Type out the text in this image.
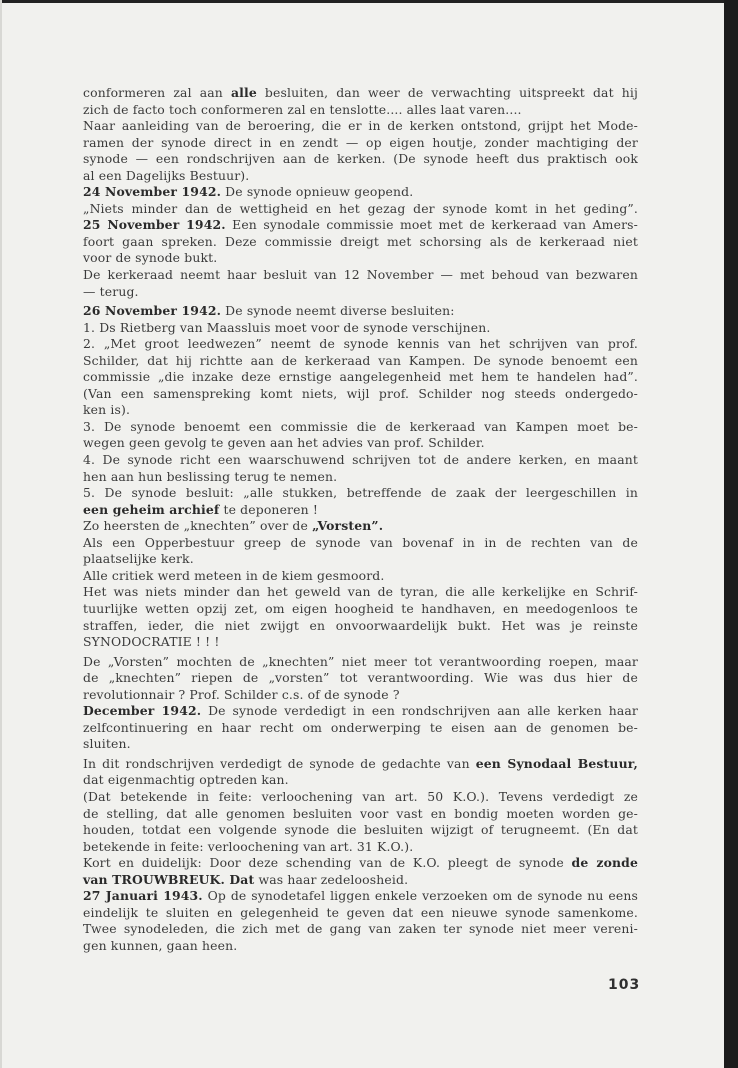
conformeren zal aan alle besluiten, dan weer de verwachting uitspreekt dat hij
zich de facto toch conformeren zal en tenslotte.... alles laat varen....
Naar aanleiding van de beroering, die er in de kerken ontstond, grijpt het Mode-
ramen der synode direct in en zendt — op eigen houtje, zonder machtiging der
synode — een rondschrijven aan de kerken. (De synode heeft dus praktisch ook
al een Dagelijks Bestuur).
24 November 1942. De synode opnieuw geopend.
„Niets minder dan de wettigheid en het gezag der synode komt in het geding”.
25 November 1942. Een synodale commissie moet met de kerkeraad van Amers-
foort gaan spreken. Deze commissie dreigt met schorsing als de kerkeraad niet
voor de synode bukt.
De kerkeraad neemt haar besluit van 12 November — met behoud van bezwaren
— terug.
26 November 1942. De synode neemt diverse besluiten:
1. Ds Rietberg van Maassluis moet voor de synode verschijnen.
2. „Met groot leedwezen” neemt de synode kennis van het schrijven van prof.
Schilder, dat hij richtte aan de kerkeraad van Kampen. De synode benoemt een
commissie „die inzake deze ernstige aangelegenheid met hem te handelen had”.
(Van een samenspreking komt niets, wijl prof. Schilder nog steeds ondergedo-
ken is).
3. De synode benoemt een commissie die de kerkeraad van Kampen moet be-
wegen geen gevolg te geven aan het advies van prof. Schilder.
4. De synode richt een waarschuwend schrijven tot de andere kerken, en maant
hen aan hun beslissing terug te nemen.
5. De synode besluit: „alle stukken, betreffende de zaak der leergeschillen in
een geheim archief te deponeren !
Zo heersten de „knechten” over de „Vorsten”.
Als een Opperbestuur greep de synode van bovenaf in in de rechten van de
plaatselijke kerk.
Alle critiek werd meteen in de kiem gesmoord.
Het was niets minder dan het geweld van de tyran, die alle kerkelijke en Schrif-
tuurlijke wetten opzij zet, om eigen hoogheid te handhaven, en meedogenloos te
straffen, ieder, die niet zwijgt en onvoorwaardelijk bukt. Het was je reinste
SYNODOCRATIE ! ! !
De „Vorsten” mochten de „knechten” niet meer tot verantwoording roepen, maar
de „knechten” riepen de „vorsten” tot verantwoording. Wie was dus hier de
revolutionnair ? Prof. Schilder c.s. of de synode ?
December 1942. De synode verdedigt in een rondschrijven aan alle kerken haar
zelfcontinuering en haar recht om onderwerping te eisen aan de genomen be-
sluiten.
In dit rondschrijven verdedigt de synode de gedachte van een Synodaal Bestuur,
dat eigenmachtig optreden kan.
(Dat betekende in feite: verloochening van art. 50 K.O.). Tevens verdedigt ze
de stelling, dat alle genomen besluiten voor vast en bondig moeten worden ge-
houden, totdat een volgende synode die besluiten wijzigt of terugneemt. (En dat
betekende in feite: verloochening van art. 31 K.O.).
Kort en duidelijk: Door deze schending van de K.O. pleegt de synode de zonde
van TROUWBREUK. Dat was haar zedeloosheid.
27 Januari 1943. Op de synodetafel liggen enkele verzoeken om de synode nu eens
eindelijk te sluiten en gelegenheid te geven dat een nieuwe synode samenkome.
Twee synodeleden, die zich met de gang van zaken ter synode niet meer vereni-
gen kunnen, gaan heen.
103
